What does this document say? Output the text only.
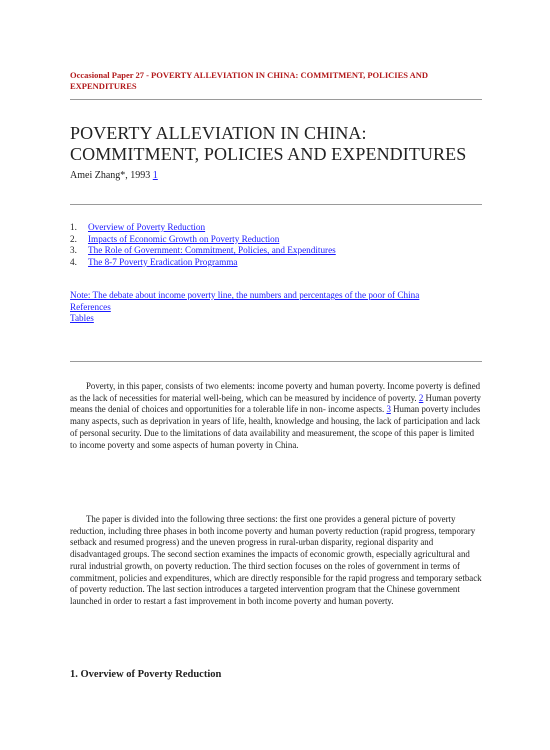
Occasional Paper 27 - POVERTY ALLEVIATION IN CHINA: COMMITMENT, POLICIES AND EXPENDITURES
POVERTY ALLEVIATION IN CHINA:
COMMITMENT, POLICIES AND EXPENDITURES
Amei Zhang*, 1993 1
1.	Overview of Poverty Reduction
2.	Impacts of Economic Growth on Poverty Reduction
3.	The Role of Government: Commitment, Policies, and Expenditures
4.	The 8-7 Poverty Eradication Programma
Note: The debate about income poverty line, the numbers and percentages of the poor of China
References
Tables
Poverty, in this paper, consists of two elements: income poverty and human poverty. Income poverty is defined as the lack of necessities for material well-being, which can be measured by incidence of poverty. 2 Human poverty means the denial of choices and opportunities for a tolerable life in non- income aspects. 3 Human poverty includes many aspects, such as deprivation in years of life, health, knowledge and housing, the lack of participation and lack of personal security. Due to the limitations of data availability and measurement, the scope of this paper is limited to income poverty and some aspects of human poverty in China.
The paper is divided into the following three sections: the first one provides a general picture of poverty reduction, including three phases in both income poverty and human poverty reduction (rapid progress, temporary setback and resumed progress) and the uneven progress in rural-urban disparity, regional disparity and disadvantaged groups. The second section examines the impacts of economic growth, especially agricultural and rural industrial growth, on poverty reduction. The third section focuses on the roles of government in terms of commitment, policies and expenditures, which are directly responsible for the rapid progress and temporary setback of poverty reduction. The last section introduces a targeted intervention program that the Chinese government launched in order to restart a fast improvement in both income poverty and human poverty.
1. Overview of Poverty Reduction
